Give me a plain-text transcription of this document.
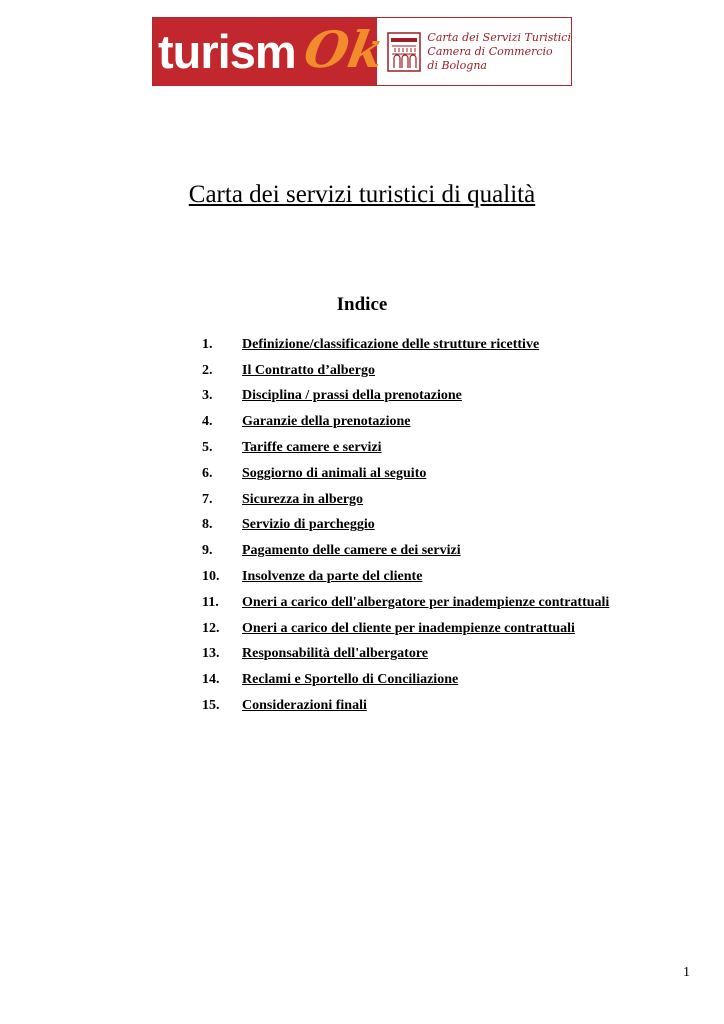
turism Ok	Carta dei Servizi Turistici
Camera di Commercio
di Bologna
Carta dei servizi turistici di qualità
Indice
1.	Definizione/classificazione delle strutture ricettive
2.	Il Contratto d’albergo
3.	Disciplina / prassi della prenotazione
4.	Garanzie della prenotazione
5.	Tariffe camere e servizi
6.	Soggiorno di animali al seguito
7.	Sicurezza in albergo
8.	Servizio di parcheggio
9.	Pagamento delle camere e dei servizi
10.	Insolvenze da parte del cliente
11.	Oneri a carico dell'albergatore per inadempienze contrattuali
12.	Oneri a carico del cliente per inadempienze contrattuali
13.	Responsabilità dell'albergatore
14.	Reclami e Sportello di Conciliazione
15.	Considerazioni finali
1
